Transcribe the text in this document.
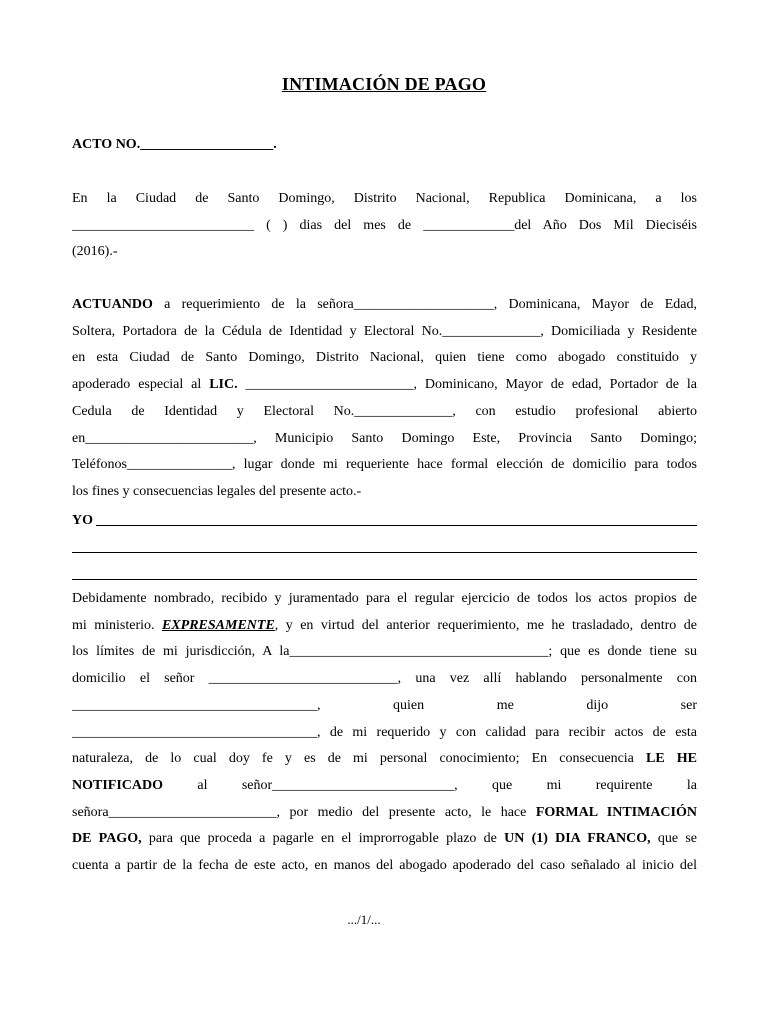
INTIMACIÓN DE PAGO
ACTO NO.___________________.
En la Ciudad de Santo Domingo, Distrito Nacional, Republica Dominicana, a los
__________________________ ( ) dias del mes de _____________del Año Dos Mil Dieciséis
(2016).-
ACTUANDO a requerimiento de la señora____________________, Dominicana, Mayor de Edad,
Soltera, Portadora de la Cédula de Identidad y Electoral No.______________, Domiciliada y Residente
en esta Ciudad de Santo Domingo, Distrito Nacional, quien tiene como abogado constituido y
apoderado especial al LIC. ________________________, Dominicano, Mayor de edad, Portador de la
Cedula de Identidad y Electoral No.______________, con estudio profesional abierto
en________________________, Municipio Santo Domingo Este, Provincia Santo Domingo;
Teléfonos_______________, lugar donde mi requeriente hace formal elección de domicilio para todos
los fines y consecuencias legales del presente acto.-
YO
Debidamente nombrado, recibido y juramentado para el regular ejercicio de todos los actos propios de
mi ministerio. EXPRESAMENTE, y en virtud del anterior requerimiento, me he trasladado, dentro de
los límites de mi jurisdicción, A la_____________________________________; que es donde tiene su
domicilio el señor ___________________________, una vez allí hablando personalmente con
___________________________________, quien me dijo ser
___________________________________, de mi requerido y con calidad para recibir actos de esta
naturaleza, de lo cual doy fe y es de mi personal conocimiento; En consecuencia LE HE
NOTIFICADO al señor__________________________, que mi requirente la
señora________________________, por medio del presente acto, le hace FORMAL INTIMACIÓN
DE PAGO, para que proceda a pagarle en el improrrogable plazo de UN (1) DIA FRANCO, que se
cuenta a partir de la fecha de este acto, en manos del abogado apoderado del caso señalado al inicio del
.../1/...
